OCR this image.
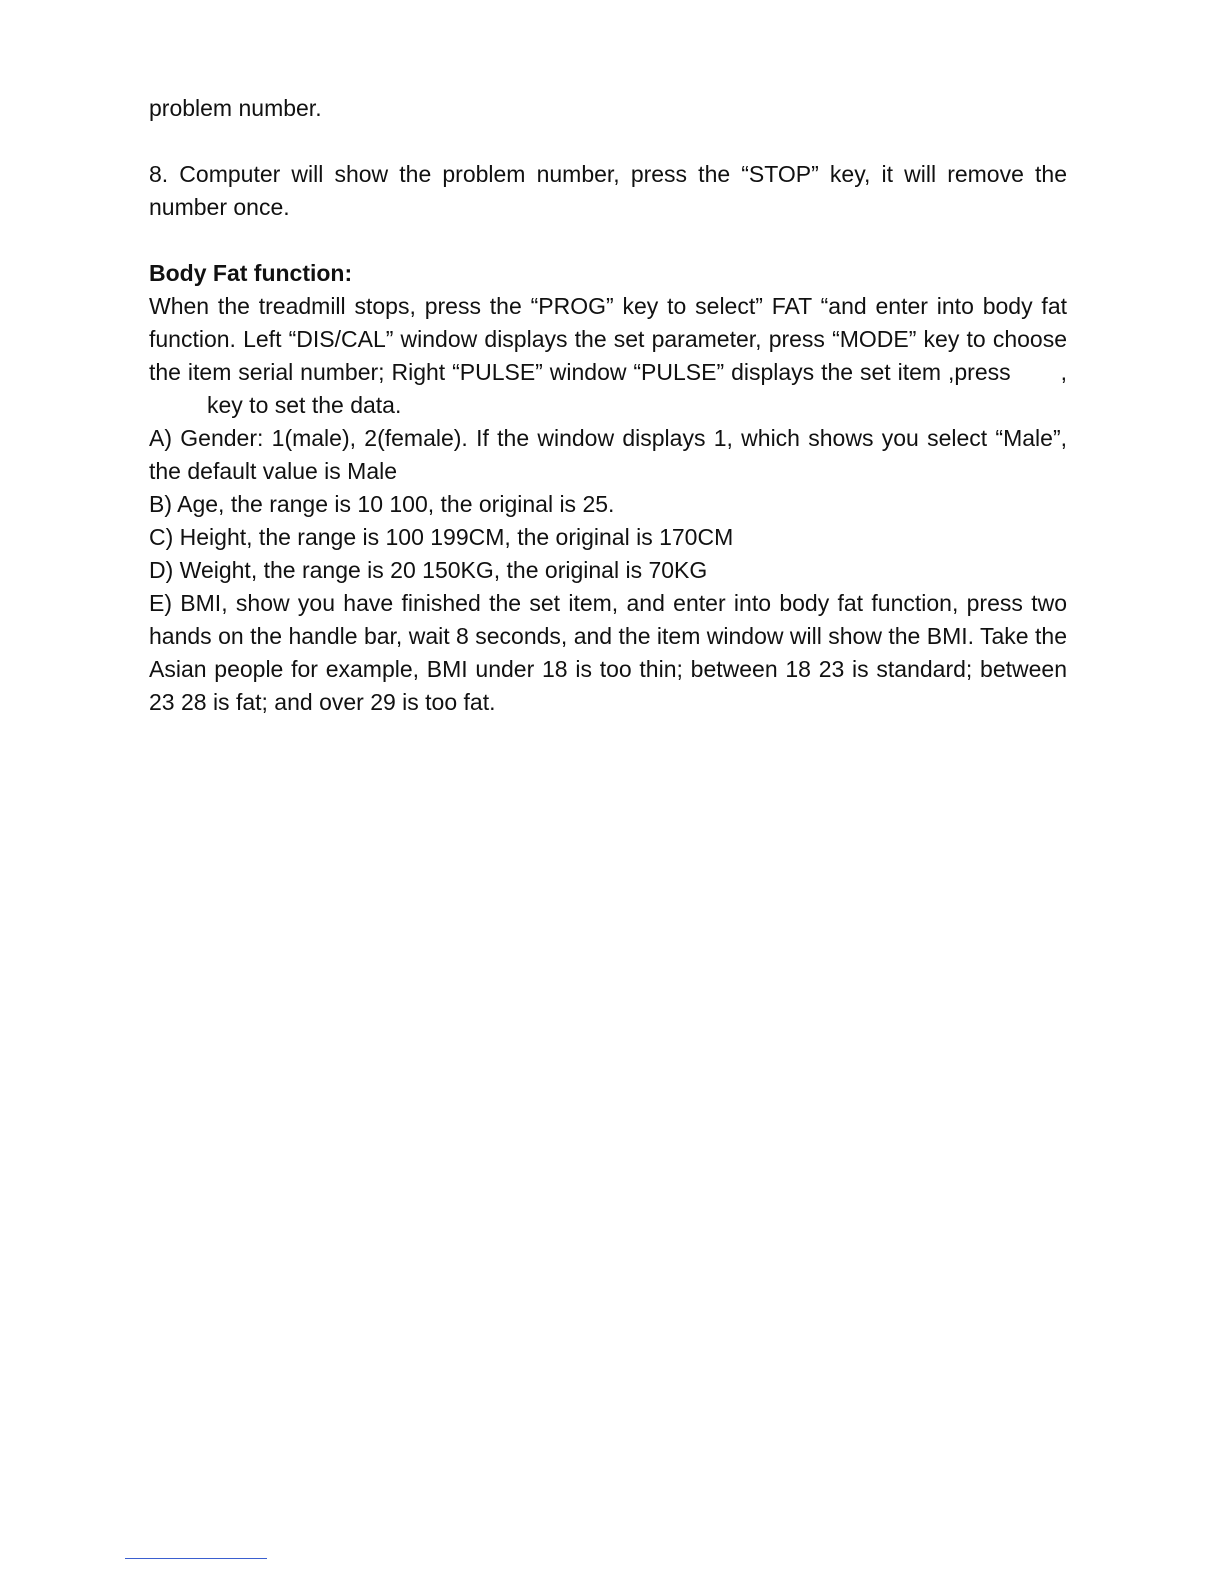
problem number.

8. Computer will show the problem number, press the “STOP” key, it will remove the number once.

Body Fat function:

When the treadmill stops, press the “PROG” key to select” FAT “and enter into body fat function. Left “DIS/CAL” window displays the set parameter, press “MODE” key to choose the item serial number; Right “PULSE” window “PULSE” displays the set item ,press ,key to set the data.

A) Gender: 1(male), 2(female). If the window displays 1, which shows you select “Male”, the default value is Male

B) Age, the range is 10 100, the original is 25.

C) Height, the range is 100 199CM, the original is 170CM

D) Weight, the range is 20 150KG, the original is 70KG

E) BMI, show you have finished the set item, and enter into body fat function, press two hands on the handle bar, wait 8 seconds, and the item window will show the BMI. Take the Asian people for example, BMI under 18 is too thin; between 18 23 is standard; between 23 28 is fat; and over 29 is too fat.
